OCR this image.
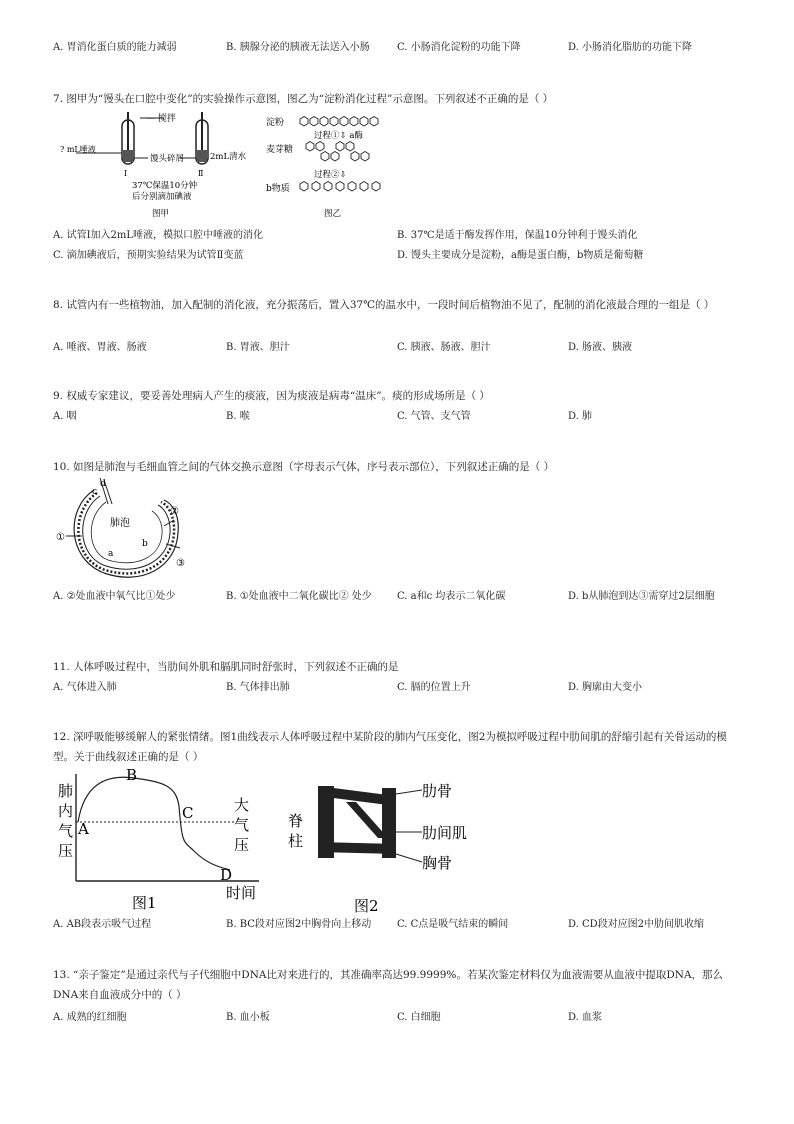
A. 胃消化蛋白质的能力减弱	B. 胰腺分泌的胰液无法送入小肠	C. 小肠消化淀粉的功能下降	D. 小肠消化脂肪的功能下降
7. 图甲为“馒头在口腔中变化”的实验操作示意图，图乙为“淀粉消化过程”示意图。下列叙述不正确的是（ ）
— 搅拌
? mL唾液
馒头碎屑	2mL清水
Ⅰ	Ⅱ
37℃保温10分钟
后分别滴加碘液
图甲
淀粉
过程①⇩ a酶
麦芽糖
过程②⇩
b物质
图乙
A. 试管Ⅰ加入2mL唾液，模拟口腔中唾液的消化	B. 37℃是适于酶发挥作用，保温10分钟利于馒头消化
C. 滴加碘液后，预期实验结果为试管Ⅱ变蓝	D. 馒头主要成分是淀粉，a酶是蛋白酶，b物质是葡萄糖
8. 试管内有一些植物油，加入配制的消化液，充分振荡后，置入37℃的温水中，一段时间后植物油不见了，配制的消化液最合理的一组是（ ）
A. 唾液、胃液、肠液	B. 胃液、胆汁	C. 胰液、肠液、胆汁	D. 肠液、胰液
9. 权威专家建议，要妥善处理病人产生的痰液，因为痰液是病毒“温床”。痰的形成场所是（ ）
A. 咽	B. 喉	C. 气管、支气管	D. 肺
10. 如图是肺泡与毛细血管之间的气体交换示意图（字母表示气体，序号表示部位），下列叙述正确的是（ ）
肺泡
①
②
③
a
b
c
d
A. ②处血液中氧气比①处少	B. ①处血液中二氧化碳比② 处少	C. a和c 均表示二氧化碳	D. b从肺泡到达③需穿过2层细胞
11. 人体呼吸过程中，当肋间外肌和膈肌同时舒张时，下列叙述不正确的是
A. 气体进入肺	B. 气体排出肺	C. 膈的位置上升	D. 胸廓由大变小
12. 深呼吸能够缓解人的紧张情绪。图1曲线表示人体呼吸过程中某阶段的肺内气压变化，图2为模拟呼吸过程中肋间肌的舒缩引起有关骨运动的模型。关于曲线叙述正确的是（ ）
肺
内
气
压
A
B
C
D
大
气
压
时间
图1
脊
柱
肋骨
肋间肌
胸骨
图2
A. AB段表示吸气过程	B. BC段对应图2中胸骨向上移动	C. C点是吸气结束的瞬间	D. CD段对应图2中肋间肌收缩
13. “亲子鉴定”是通过亲代与子代细胞中DNA比对来进行的，其准确率高达99.9999%。若某次鉴定材料仅为血液需要从血液中提取DNA，那么DNA来自血液成分中的（ ）
A. 成熟的红细胞	B. 血小板	C. 白细胞	D. 血浆
